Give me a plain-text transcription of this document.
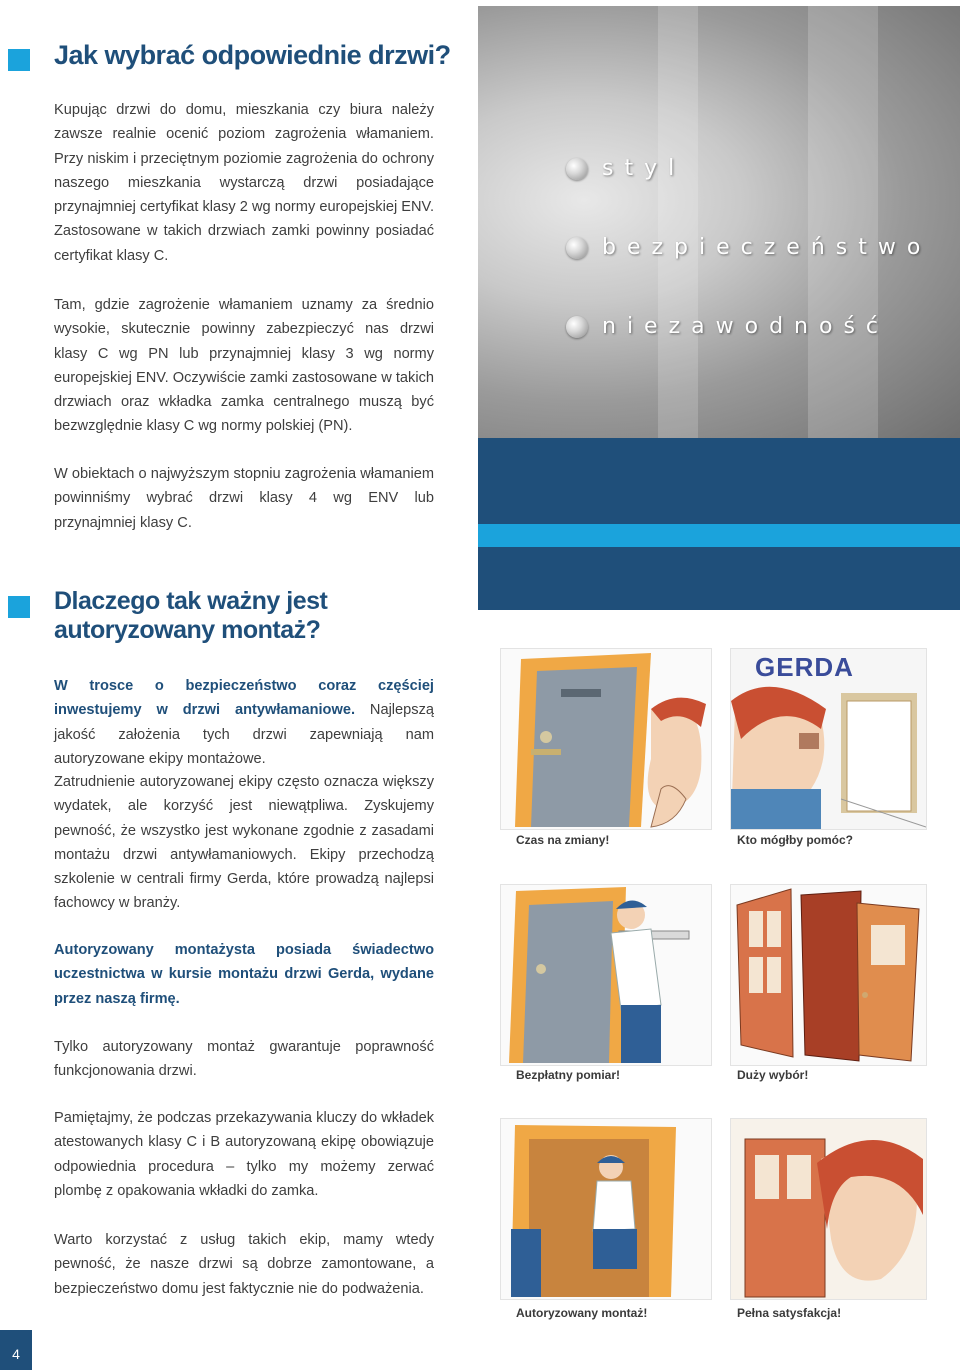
Jak wybrać odpowiednie drzwi?

Kupując drzwi do domu, mieszkania czy biura należy zawsze realnie ocenić poziom zagrożenia włamaniem. Przy niskim i przeciętnym poziomie zagrożenia do ochrony naszego mieszkania wystarczą drzwi posiadające przynajmniej certyfikat klasy 2 wg normy europejskiej ENV. Zastosowane w takich drzwiach zamki powinny posiadać certyfikat klasy C.

Tam, gdzie zagrożenie włamaniem uznamy za średnio wysokie, skutecznie powinny zabezpieczyć nas drzwi klasy C wg PN lub przynajmniej klasy 3 wg normy europejskiej ENV. Oczywiście zamki zastosowane w takich drzwiach oraz wkładka zamka centralnego muszą być bezwzględnie klasy C wg normy polskiej (PN).

W obiektach o najwyższym stopniu zagrożenia włamaniem powinniśmy wybrać drzwi klasy 4 wg ENV lub przynajmniej klasy C.

styl
bezpieczeństwo
niezawodność
Dlaczego tak ważny jest autoryzowany montaż?

W trosce o bezpieczeństwo coraz częściej inwestujemy w drzwi antywłamaniowe. Najlepszą jakość założenia tych drzwi zapewniają nam autoryzowane ekipy montażowe.

Zatrudnienie autoryzowanej ekipy często oznacza większy wydatek, ale korzyść jest niewątpliwa. Zyskujemy pewność, że wszystko jest wykonane zgodnie z zasadami montażu drzwi antywłamaniowych. Ekipy przechodzą szkolenie w centrali firmy Gerda, które prowadzą najlepsi fachowcy w branży.

Autoryzowany montażysta posiada świadectwo uczestnictwa w kursie montażu drzwi Gerda, wydane przez naszą firmę.

Tylko autoryzowany montaż gwarantuje poprawność funkcjonowania drzwi.

Pamiętajmy, że podczas przekazywania kluczy do wkładek atestowanych klasy C i B autoryzowaną ekipę obowiązuje odpowiednia procedura – tylko my możemy zerwać plombę z opakowania wkładki do zamka.

Warto korzystać z usług takich ekip, mamy wtedy pewność, że nasze drzwi są dobrze zamontowane, a bezpieczeństwo domu jest faktycznie nie do podważenia.

Czas na zmiany!
GERDA
Kto mógłby pomóc?
Bezpłatny pomiar!	Duży wybór!
Autoryzowany montaż!	Pełna satysfakcja!
4
